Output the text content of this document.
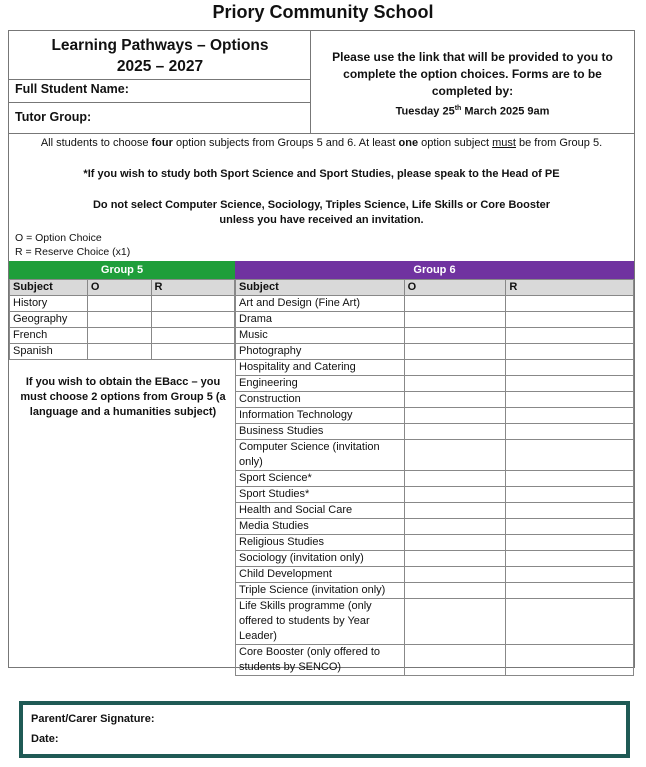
Priory Community School
Learning Pathways – Options
2025 – 2027
Full Student Name:
Tutor Group:
Please use the link that will be provided to you to complete the option choices. Forms are to be completed by:
Tuesday 25th March 2025 9am
All students to choose four option subjects from Groups 5 and 6. At least one option subject must be from Group 5.
*If you wish to study both Sport Science and Sport Studies, please speak to the Head of PE
Do not select Computer Science, Sociology, Triples Science, Life Skills or Core Booster
unless you have received an invitation.
O = Option Choice
R = Reserve Choice (x1)
Group 5	Group 6
Subject	O	R
History		
Geography		
French		
Spanish		
If you wish to obtain the EBacc – you must choose 2 options from Group 5 (a language and a humanities subject)
Subject	O	R

Art and Design (Fine Art)		

Drama		

Music		

Photography		

Hospitality and Catering		

Engineering		

Construction		

Information Technology		

Business Studies		

Computer Science (invitation
only)		

Sport Science*		

Sport Studies*		

Health and Social Care		

Media Studies		

Religious Studies		

Sociology (invitation only)		

Child Development		

Triple Science (invitation only)		

Life Skills programme (only
offered to students by Year
Leader)		

Core Booster (only offered to
students by SENCO)		

Parent/Carer Signature:
Date:
